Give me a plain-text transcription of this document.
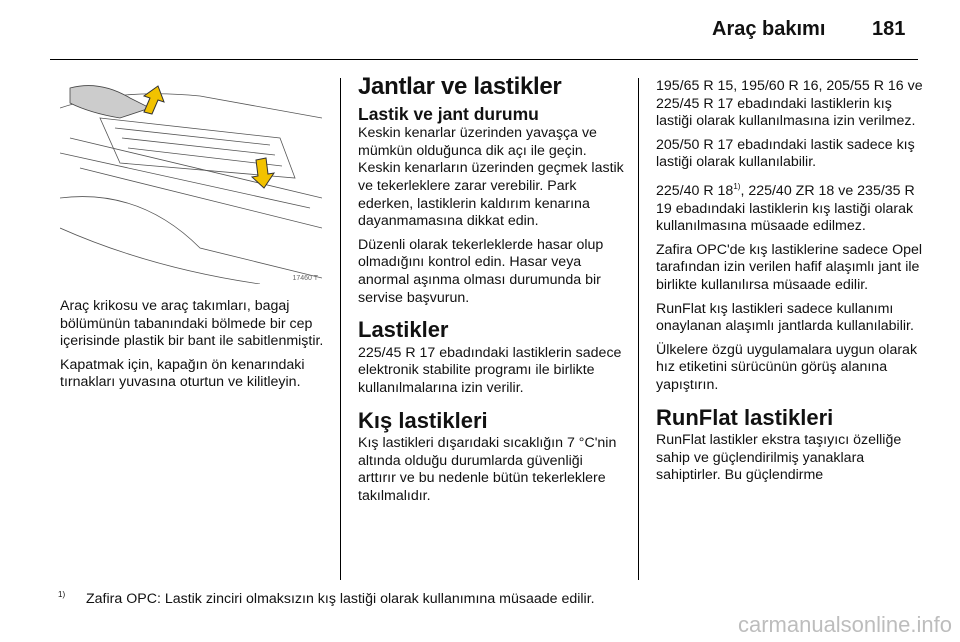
Araç bakımı 181
17460 T

Araç krikosu ve araç takımları, bagaj bölümünün tabanındaki bölmede bir cep içerisinde plastik bir bant ile sabitlenmiştir.

Kapatmak için, kapağın ön kenarındaki tırnakları yuvasına oturtun ve kilitleyin.

Jantlar ve lastikler
Lastik ve jant durumu

Keskin kenarlar üzerinden yavaşça ve mümkün olduğunca dik açı ile geçin. Keskin kenarların üzerinden geçmek lastik ve tekerleklere zarar verebilir. Park ederken, lastiklerin kaldırım kenarına dayanmamasına dikkat edin.

Düzenli olarak tekerleklerde hasar olup olmadığını kontrol edin. Hasar veya anormal aşınma olması durumunda bir servise başvurun.

Lastikler

225/45 R 17 ebadındaki lastiklerin sadece elektronik stabilite programı ile birlikte kullanılmalarına izin verilir.

Kış lastikleri

Kış lastikleri dışarıdaki sıcaklığın 7 °C'nin altında olduğu durumlarda güvenliği arttırır ve bu nedenle bütün tekerleklere takılmalıdır.

195/65 R 15, 195/60 R 16, 205/55 R 16 ve 225/45 R 17 ebadındaki lastiklerin kış lastiği olarak kullanılmasına izin verilmez.

205/50 R 17 ebadındaki lastik sadece kış lastiği olarak kullanılabilir.

225/40 R 18$^{1)}$, 225/40 ZR 18 ve 235/35 R 19 ebadındaki lastiklerin kış lastiği olarak kullanılmasına müsaade edilmez.

Zafira OPC'de kış lastiklerine sadece Opel tarafından izin verilen hafif alaşımlı jant ile birlikte kullanılırsa müsaade edilir.

RunFlat kış lastikleri sadece kullanımı onaylanan alaşımlı jantlarda kullanılabilir.

Ülkelere özgü uygulamalara uygun olarak hız etiketini sürücünün görüş alanına yapıştırın.

RunFlat lastikleri

RunFlat lastikler ekstra taşıyıcı özelliğe sahip ve güçlendirilmiş yanaklara sahiptirler. Bu güçlendirme

$^{1)}$ Zafira OPC: Lastik zinciri olmaksızın kış lastiği olarak kullanımına müsaade edilir.
carmanualsonline.info
